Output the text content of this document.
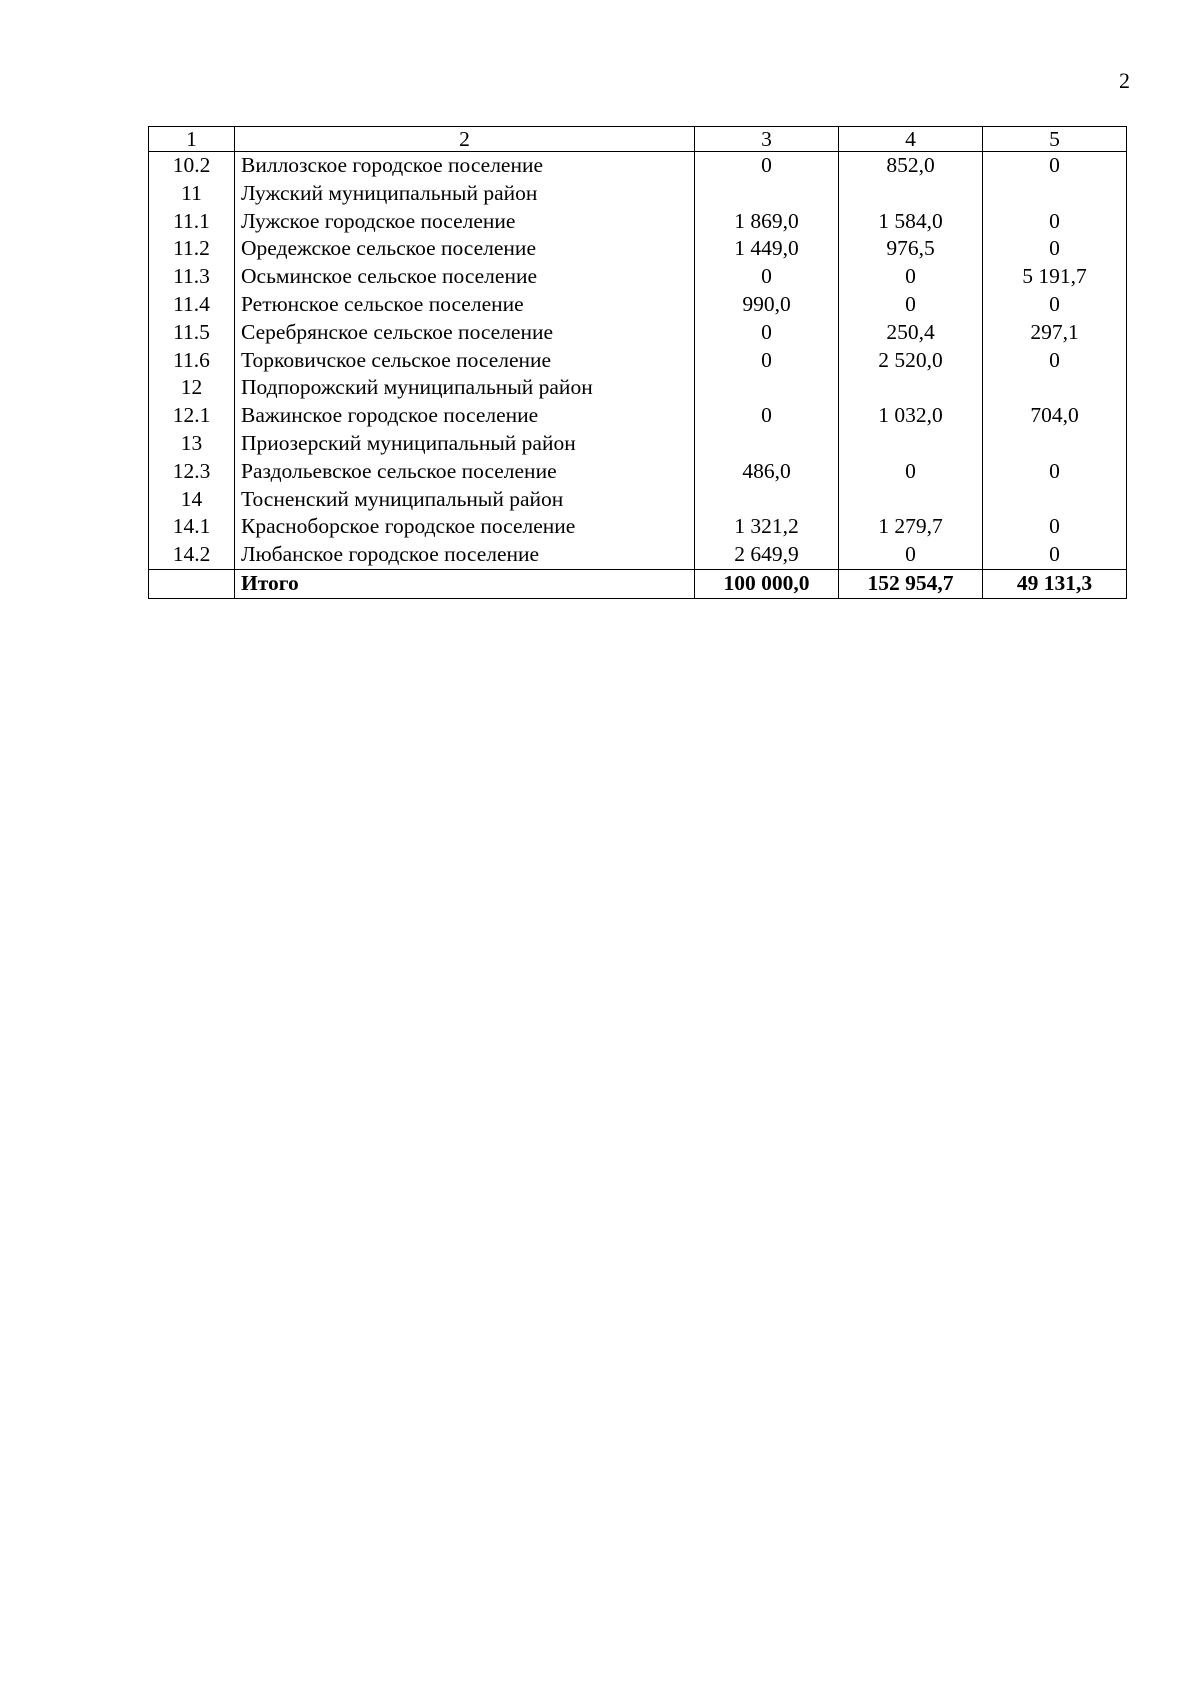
2
1	2	3	4	5
10.2	Виллозское городское поселение	0	852,0	0
11	Лужский муниципальный район			
11.1	Лужское городское поселение	1 869,0	1 584,0	0
11.2	Оредежское сельское поселение	1 449,0	976,5	0
11.3	Осьминское сельское поселение	0	0	5 191,7
11.4	Ретюнское сельское поселение	990,0	0	0
11.5	Серебрянское сельское поселение	0	250,4	297,1
11.6	Торковичское сельское поселение	0	2 520,0	0
12	Подпорожский муниципальный район			
12.1	Важинское городское поселение	0	1 032,0	704,0
13	Приозерский муниципальный район			
12.3	Раздольевское сельское поселение	486,0	0	0
14	Тосненский муниципальный район			
14.1	Красноборское городское поселение	1 321,2	1 279,7	0
14.2	Любанское городское поселение	2 649,9	0	0
	Итого	100 000,0	152 954,7	49 131,3
